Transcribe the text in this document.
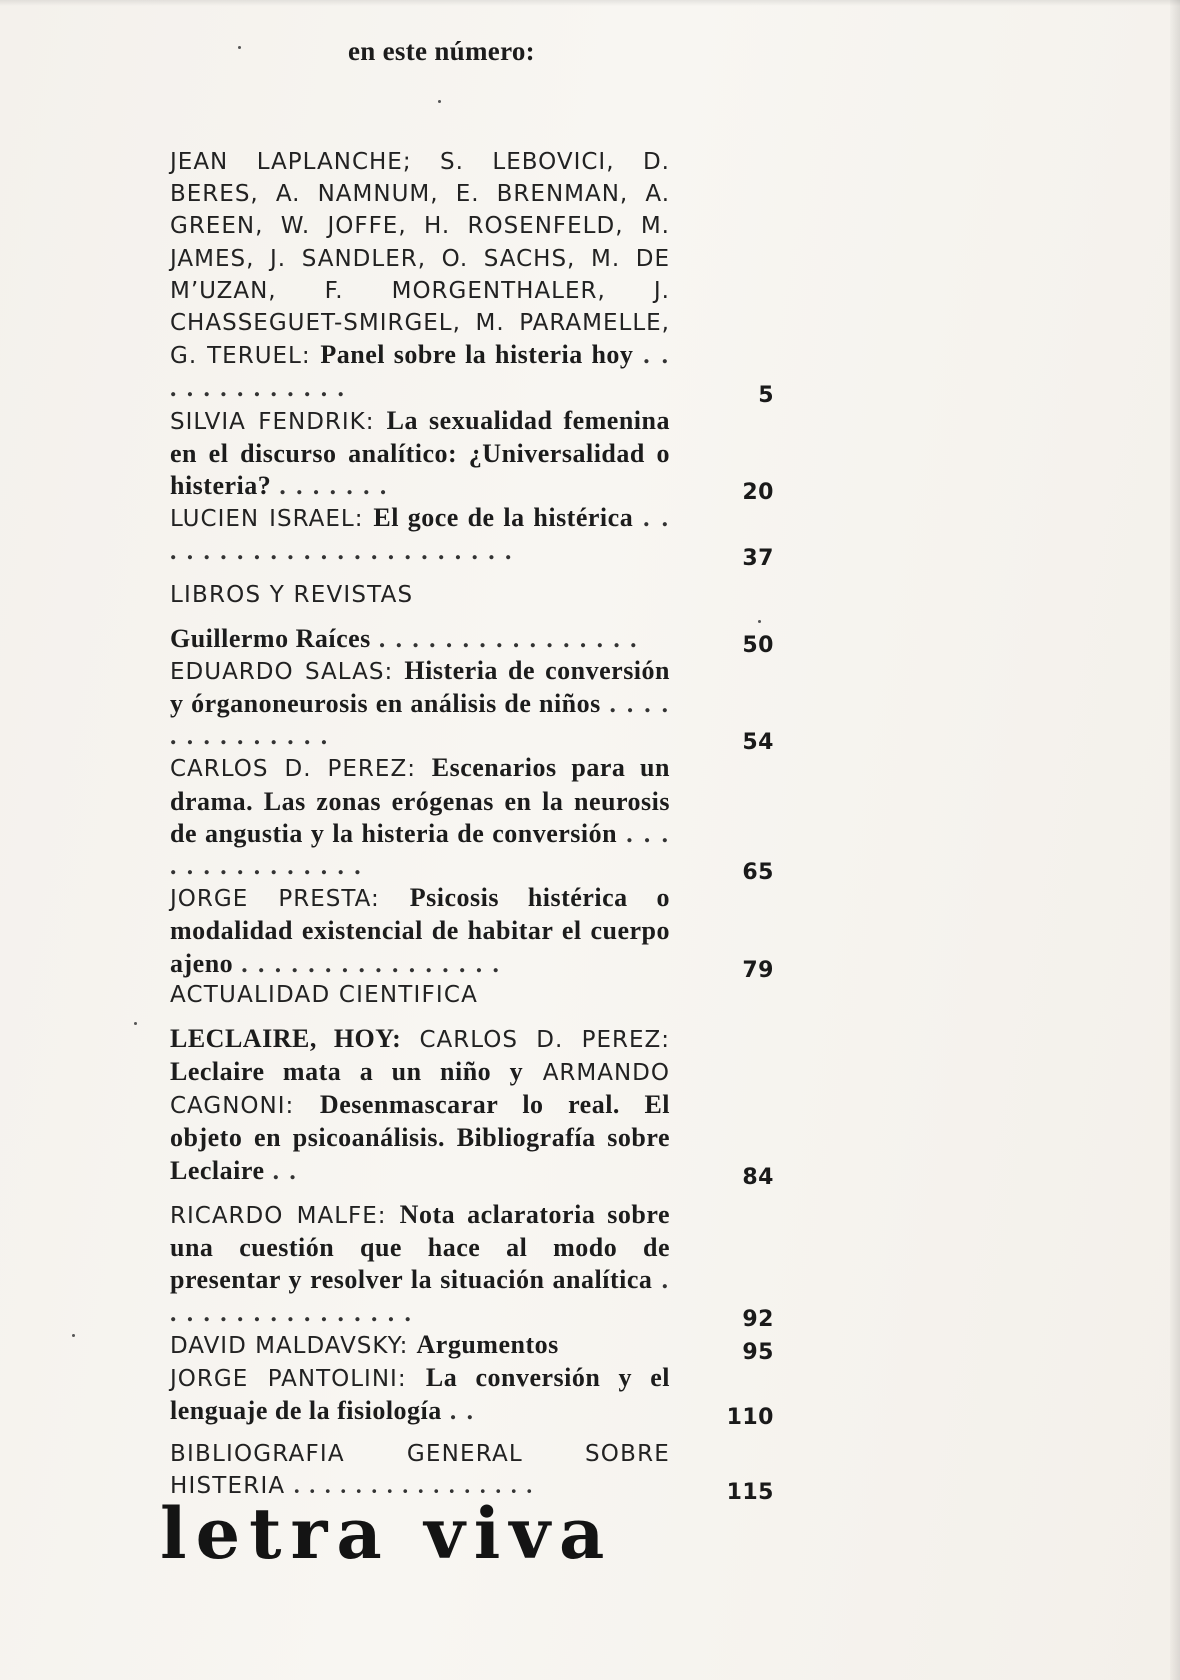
en este número:
JEAN LAPLANCHE; S. LEBOVICI, D. BERES, A. NAMNUM, E. BRENMAN, A. GREEN, W. JOFFE, H. ROSENFELD, M. JAMES, J. SANDLER, O. SACHS, M. DE M’UZAN, F. MORGENTHALER, J. CHASSEGUET-SMIRGEL, M. PARAMELLE, G. TERUEL: Panel sobre la histeria hoy . . . . . . . . . . . . .	5
SILVIA FENDRIK: La sexualidad femenina en el discurso analítico: ¿Universalidad o histeria? . . . . . . .	20
LUCIEN ISRAEL: El goce de la histérica . . . . . . . . . . . . . . . . . . . . . . .	37
LIBROS Y REVISTAS
Guillermo Raíces . . . . . . . . . . . . . . . .	50
EDUARDO SALAS: Histeria de conversión y órganoneurosis en análisis de niños . . . . . . . . . . . . . .	54
CARLOS D. PEREZ: Escenarios para un drama. Las zonas erógenas en la neurosis de angustia y la histeria de conversión . . . . . . . . . . . . . . .	65
JORGE PRESTA: Psicosis histérica o modalidad existencial de habitar el cuerpo ajeno . . . . . . . . . . . . . . . .	79
ACTUALIDAD CIENTIFICA
LECLAIRE, HOY: CARLOS D. PEREZ: Leclaire mata a un niño y ARMANDO CAGNONI: Desenmascarar lo real. El objeto en psicoanálisis. Bibliografía sobre Leclaire . .	84
RICARDO MALFE: Nota aclaratoria sobre una cuestión que hace al modo de presentar y resolver la situación analítica . . . . . . . . . . . . . . . .	92
DAVID MALDAVSKY: Argumentos	95
JORGE PANTOLINI: La conversión y el lenguaje de la fisiología . .	110
BIBLIOGRAFIA GENERAL SOBRE HISTERIA . . . . . . . . . . . . . . . .	115
letra viva
